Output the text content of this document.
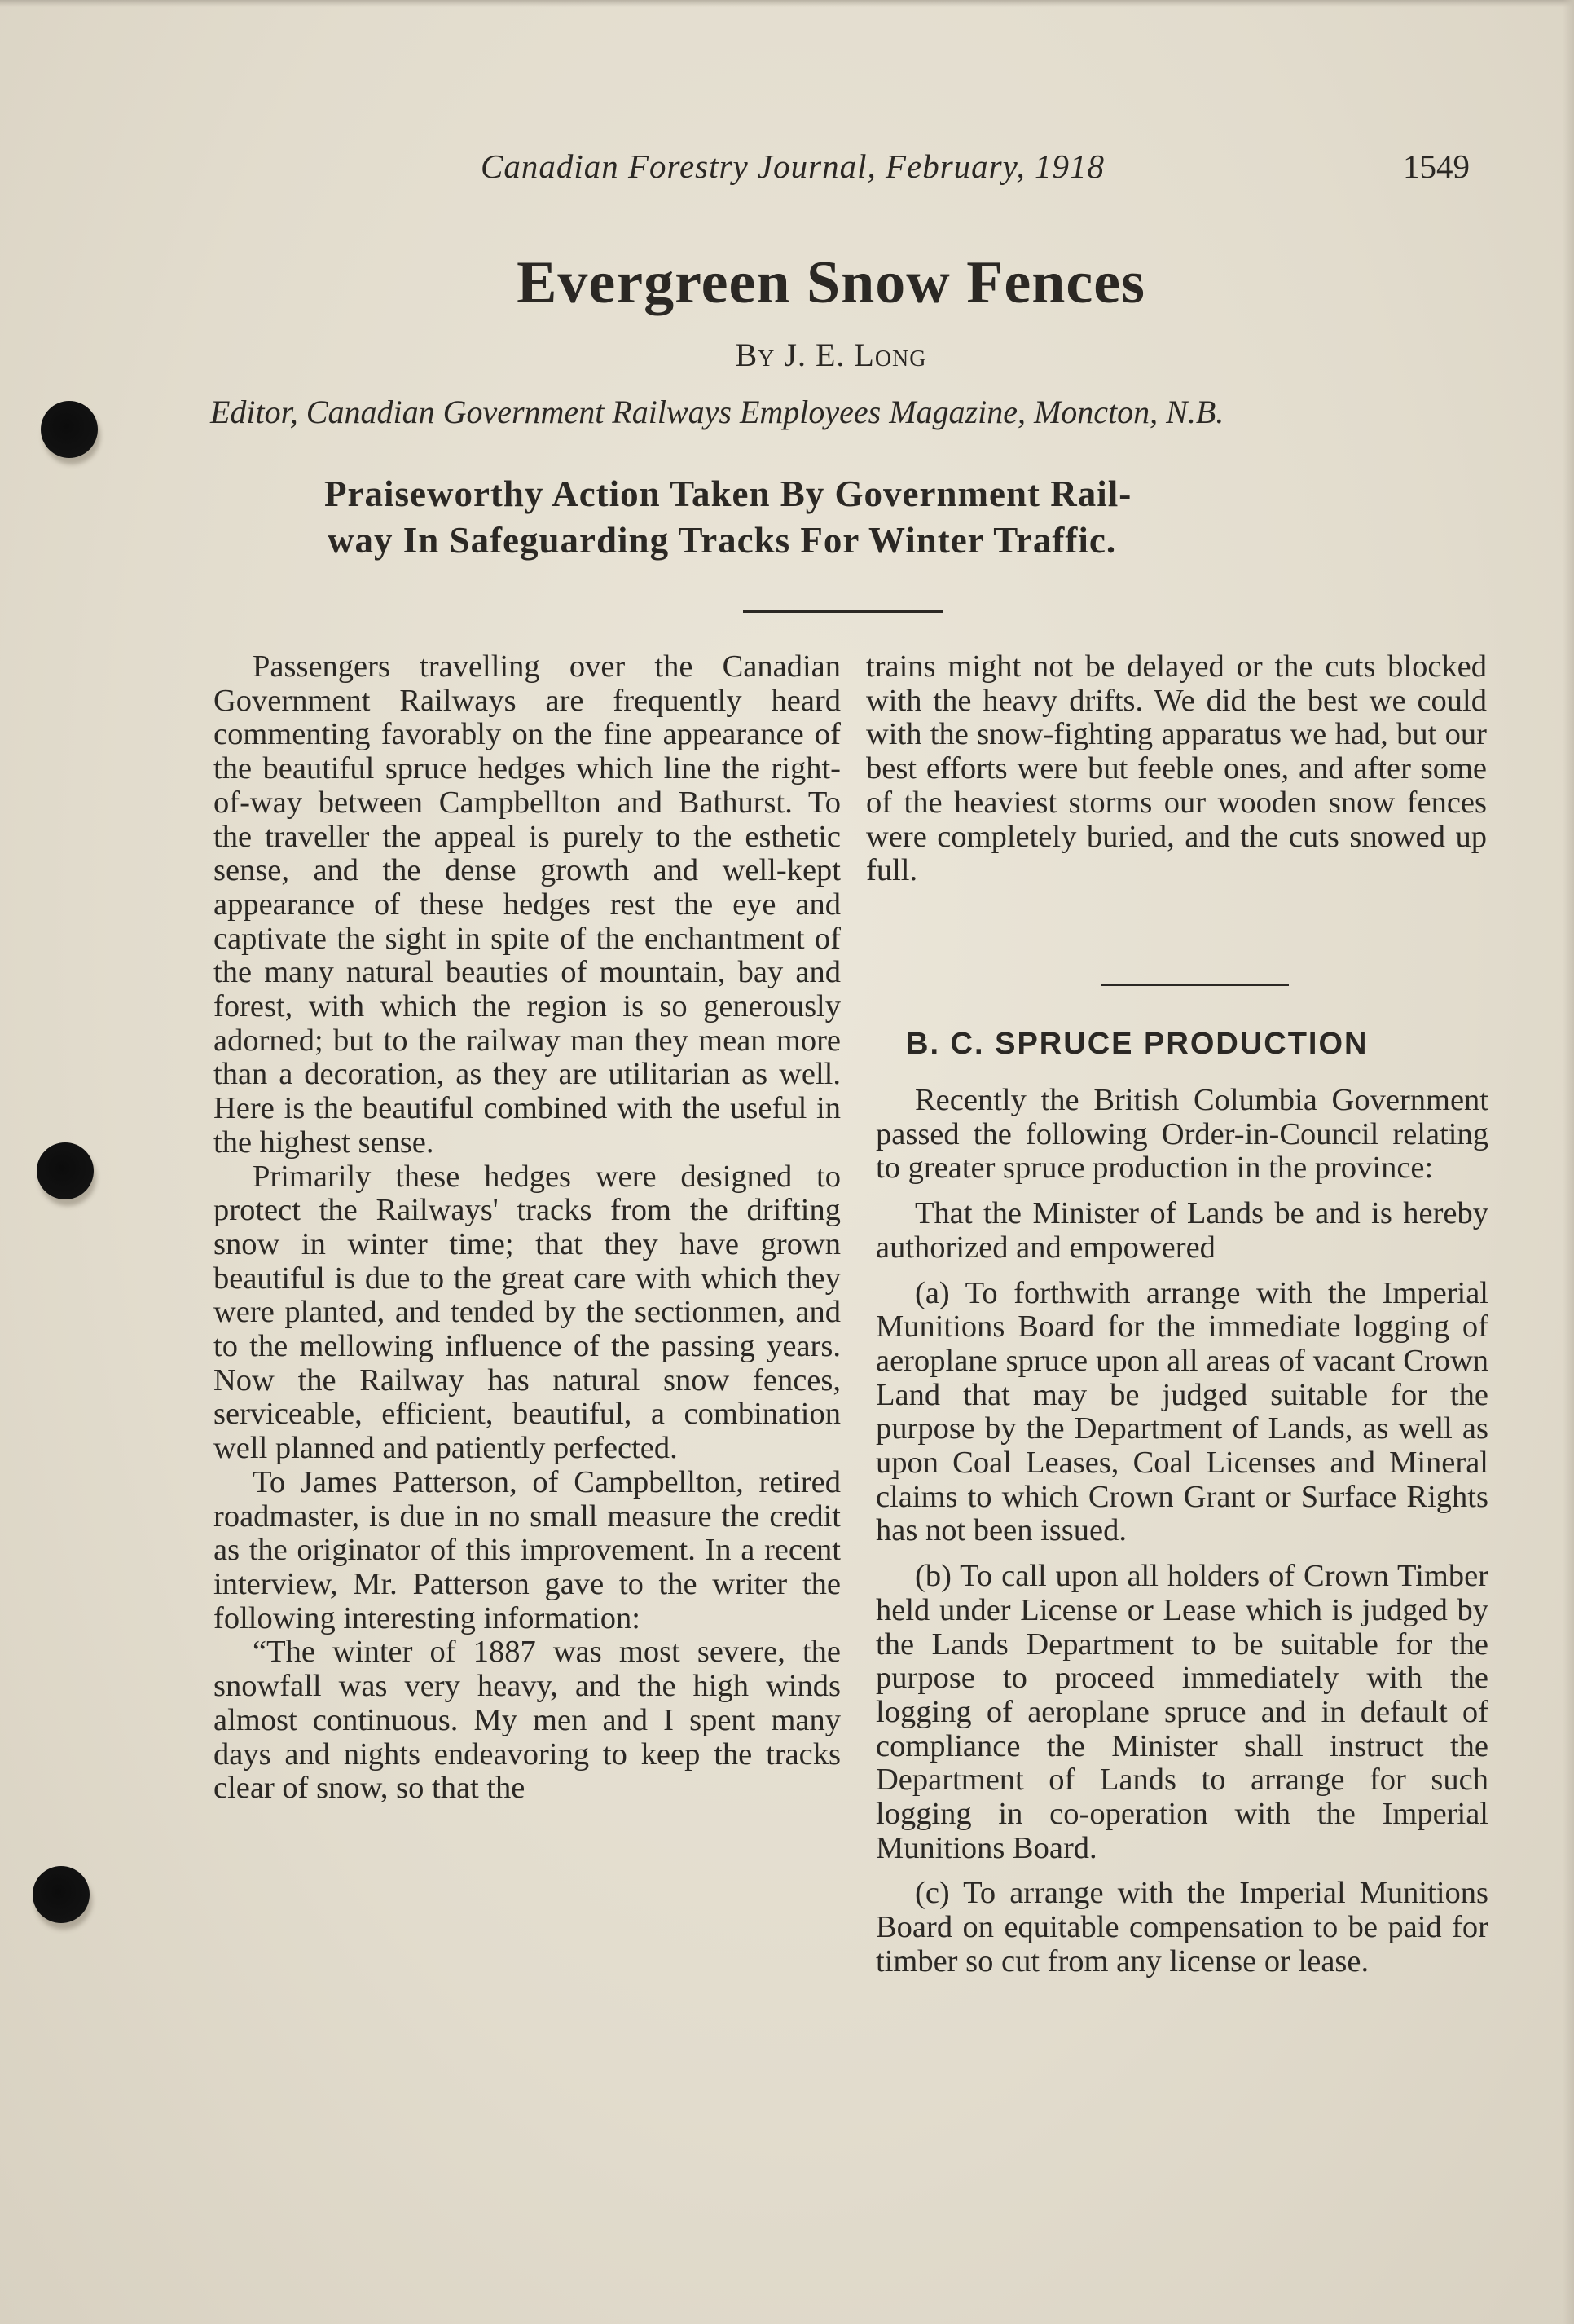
Canadian Forestry Journal, February, 1918	1549
Evergreen Snow Fences
By J. E. Long
Editor, Canadian Government Railways Employees Magazine, Moncton, N.B.
Praiseworthy Action Taken By Government Rail-
way In Safeguarding Tracks For Winter Traffic.

Passengers travelling over the Canadian Government Railways are frequently heard commenting favorably on the fine appearance of the beautiful spruce hedges which line the right-of-way between Campbellton and Bathurst. To the traveller the appeal is purely to the esthetic sense, and the dense growth and well-kept appearance of these hedges rest the eye and captivate the sight in spite of the enchantment of the many natural beauties of mountain, bay and forest, with which the region is so generously adorned; but to the railway man they mean more than a decoration, as they are utilitarian as well. Here is the beautiful combined with the useful in the highest sense.

Primarily these hedges were designed to protect the Railways' tracks from the drifting snow in winter time; that they have grown beautiful is due to the great care with which they were planted, and tended by the sectionmen, and to the mellowing influence of the passing years. Now the Railway has natural snow fences, serviceable, efficient, beautiful, a combination well planned and patiently perfected.

To James Patterson, of Campbellton, retired roadmaster, is due in no small measure the credit as the originator of this improvement. In a recent interview, Mr. Patterson gave to the writer the following interesting information:

“The winter of 1887 was most severe, the snowfall was very heavy, and the high winds almost continuous. My men and I spent many days and nights endeavoring to keep the tracks clear of snow, so that the

trains might not be delayed or the cuts blocked with the heavy drifts. We did the best we could with the snow-fighting apparatus we had, but our best efforts were but feeble ones, and after some of the heaviest storms our wooden snow fences were completely buried, and the cuts snowed up full.

B. C. SPRUCE PRODUCTION

Recently the British Columbia Government passed the following Order-in-Council relating to greater spruce production in the province:

That the Minister of Lands be and is hereby authorized and empowered

(a) To forthwith arrange with the Imperial Munitions Board for the immediate logging of aeroplane spruce upon all areas of vacant Crown Land that may be judged suitable for the purpose by the Department of Lands, as well as upon Coal Leases, Coal Licenses and Mineral claims to which Crown Grant or Surface Rights has not been issued.

(b) To call upon all holders of Crown Timber held under License or Lease which is judged by the Lands Department to be suitable for the purpose to proceed immediately with the logging of aeroplane spruce and in default of compliance the Minister shall instruct the Department of Lands to arrange for such logging in co-operation with the Imperial Munitions Board.

(c) To arrange with the Imperial Munitions Board on equitable compensation to be paid for timber so cut from any license or lease.
